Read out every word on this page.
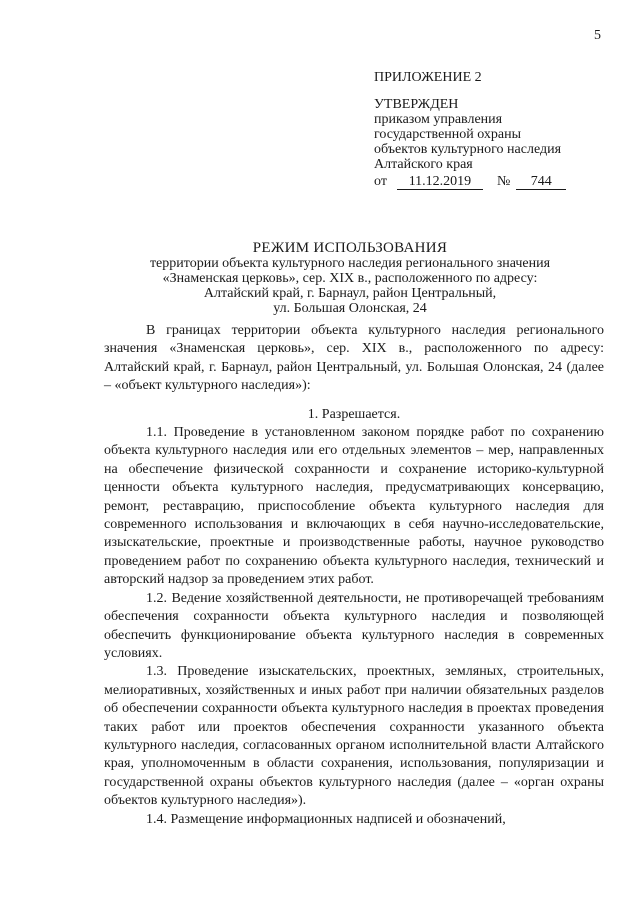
5
ПРИЛОЖЕНИЕ 2
УТВЕРЖДЕН
приказом управления
государственной охраны
объектов культурного наследия
Алтайского края
от	11.12.2019	№	744
РЕЖИМ ИСПОЛЬЗОВАНИЯ
территории объекта культурного наследия регионального значения
«Знаменская церковь», сер. XIX в., расположенного по адресу:
Алтайский край, г. Барнаул, район Центральный,
ул. Большая Олонская, 24

В границах территории объекта культурного наследия регионального значения «Знаменская церковь», сер. XIX в., расположенного по адресу: Алтайский край, г. Барнаул, район Центральный, ул. Большая Олонская, 24 (далее – «объект культурного наследия»):

1. Разрешается.

1.1. Проведение в установленном законом порядке работ по сохранению объекта культурного наследия или его отдельных элементов – мер, направленных на обеспечение физической сохранности и сохранение историко-культурной ценности объекта культурного наследия, предусматривающих консервацию, ремонт, реставрацию, приспособление объекта культурного наследия для современного использования и включающих в себя научно-исследовательские, изыскательские, проектные и производственные работы, научное руководство проведением работ по сохранению объекта культурного наследия, технический и авторский надзор за проведением этих работ.

1.2. Ведение хозяйственной деятельности, не противоречащей требованиям обеспечения сохранности объекта культурного наследия и позволяющей обеспечить функционирование объекта культурного наследия в современных условиях.

1.3. Проведение изыскательских, проектных, земляных, строительных, мелиоративных, хозяйственных и иных работ при наличии обязательных разделов об обеспечении сохранности объекта культурного наследия в проектах проведения таких работ или проектов обеспечения сохранности указанного объекта культурного наследия, согласованных органом исполнительной власти Алтайского края, уполномоченным в области сохранения, использования, популяризации и государственной охраны объектов культурного наследия (далее – «орган охраны объектов культурного наследия»).

1.4. Размещение информационных надписей и обозначений,
